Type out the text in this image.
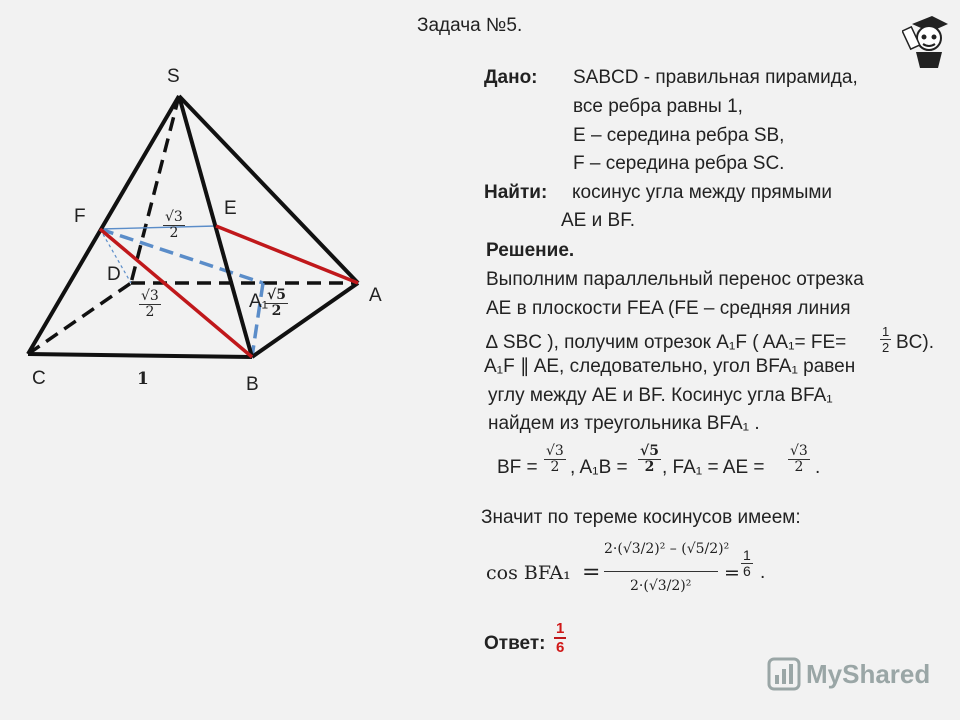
Задача №5.
S
F	E
D
A₁	A
C	B
1
$\frac{√3}{2}$
$\frac{√3}{2}$	$\frac{√5}{2}$
Дано: SABCD - правильная пирамида,
все ребра равны 1,
E – середина ребра SB,
F – середина ребра SC.
Найти: косинус угла между прямыми
AE и BF.
Решение.
Выполним параллельный перенос отрезка
AE в плоскости FEA (FE – средняя линия
∆ SBC ), получим отрезок A₁F ( AA₁= FE=	$\frac{1}{2} BC$).
A₁F ∥ AE, следовательно, угол BFA₁ равен
углу между AE и BF. Косинус угла BFA₁
найдем из треугольника BFA₁ .
BF = $\frac{√3}{2}$ , $A_1B = \frac{√5}{2}$ , FA₁ = AE = $\frac{√3}{2}$ .
Значит по тереме косинусов имеем:
cos BFA₁ =
2·(√3/2)² – (√5/2)²
2·(√3/2)²
= $\frac{1}{6}$ .
Ответ: $\frac{1}{6}$
MyShared
